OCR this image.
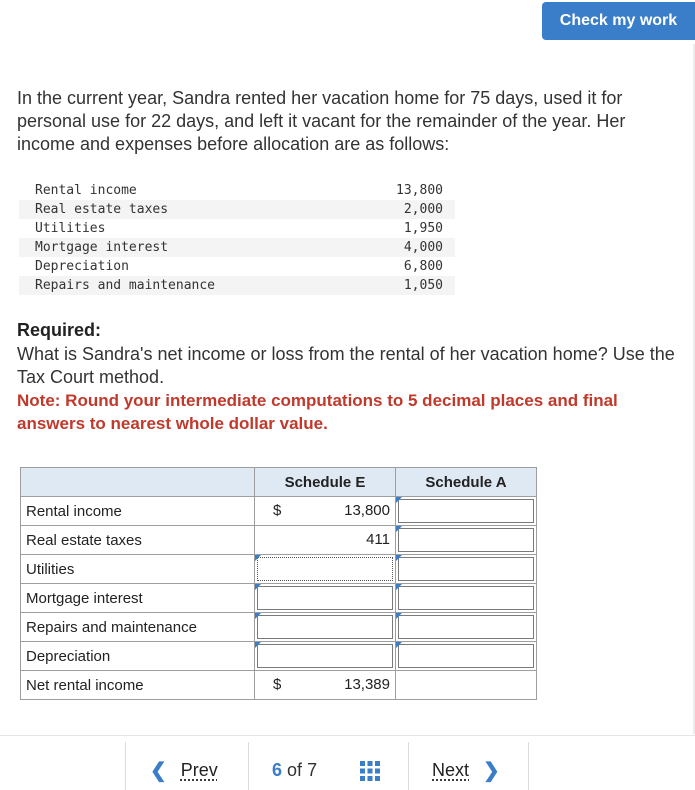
Check my work

In the current year, Sandra rented her vacation home for 75 days, used it for personal use for 22 days, and left it vacant for the remainder of the year. Her income and expenses before allocation are as follows:

Rental income	13,800
Real estate taxes	2,000
Utilities	1,950
Mortgage interest	4,000
Depreciation	6,800
Repairs and maintenance	1,050

Required:

What is Sandra's net income or loss from the rental of her vacation home? Use the Tax Court method.

Note: Round your intermediate computations to 5 decimal places and final answers to nearest whole dollar value.

	Schedule E	Schedule A
Rental income	$ 13,800	

Real estate taxes	411	

Utilities	

Mortgage interest	

Repairs and maintenance	

Depreciation	

Net rental income	$ 13,389	

❮ Prev	6 of 7	Next ❯
